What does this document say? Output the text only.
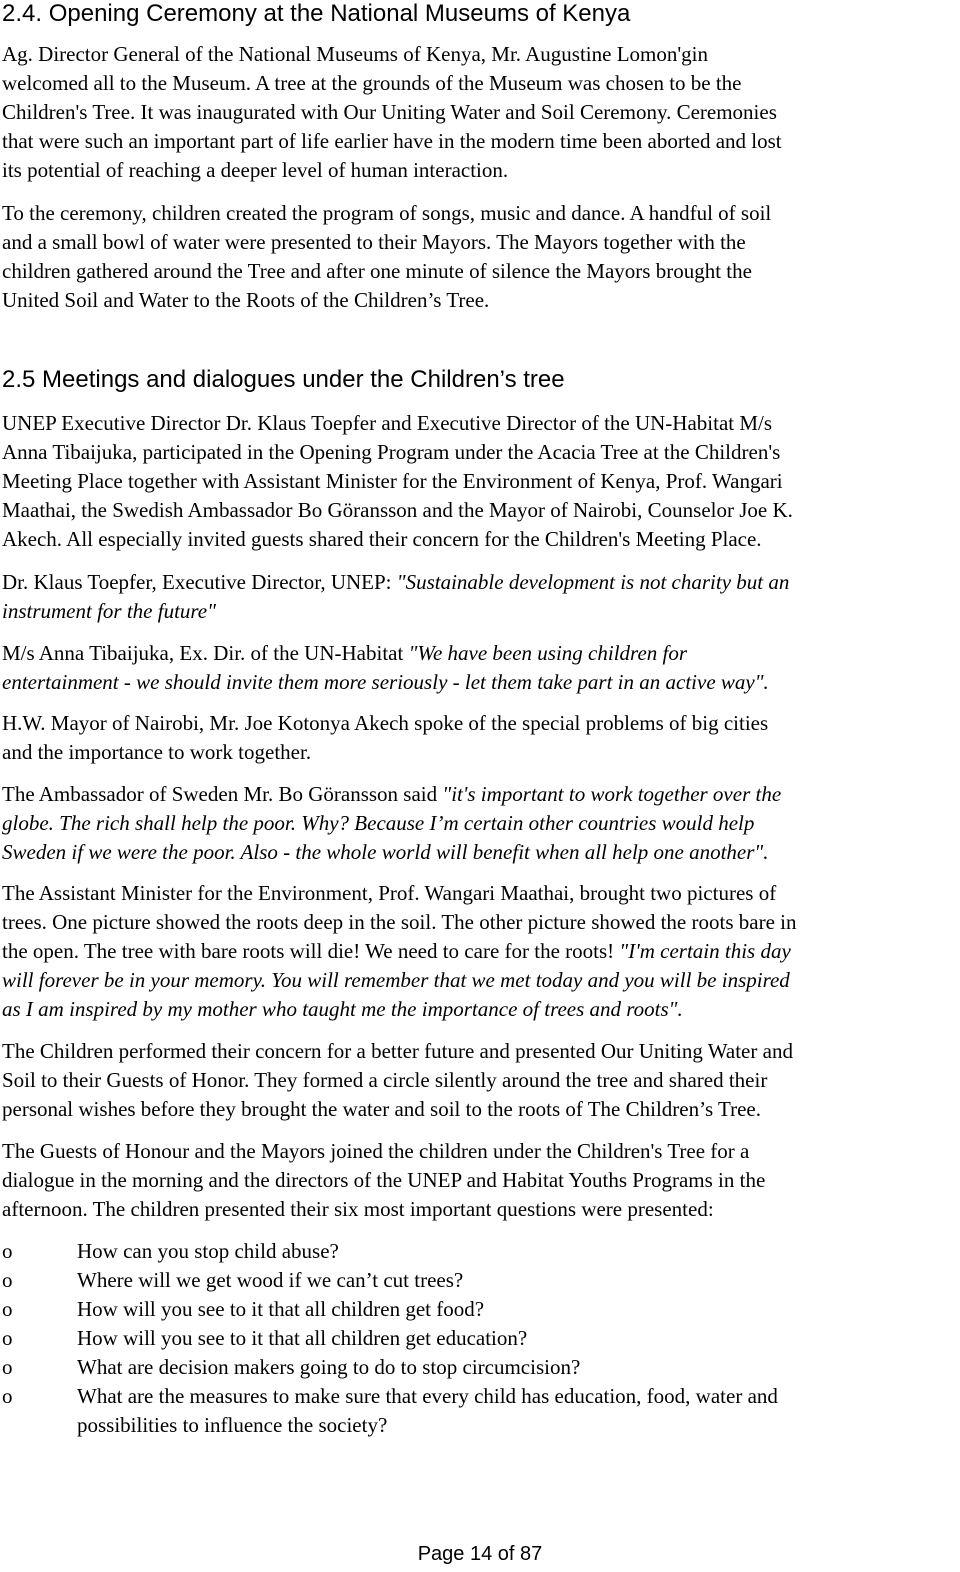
2.4. Opening Ceremony at the National Museums of Kenya

Ag. Director General of the National Museums of Kenya, Mr. Augustine Lomon'gin
welcomed all to the Museum. A tree at the grounds of the Museum was chosen to be the
Children's Tree. It was inaugurated with Our Uniting Water and Soil Ceremony. Ceremonies
that were such an important part of life earlier have in the modern time been aborted and lost
its potential of reaching a deeper level of human interaction.

To the ceremony, children created the program of songs, music and dance. A handful of soil
and a small bowl of water were presented to their Mayors. The Mayors together with the
children gathered around the Tree and after one minute of silence the Mayors brought the
United Soil and Water to the Roots of the Children’s Tree.

2.5 Meetings and dialogues under the Children’s tree

UNEP Executive Director Dr. Klaus Toepfer and Executive Director of the UN-Habitat M/s
Anna Tibaijuka, participated in the Opening Program under the Acacia Tree at the Children's
Meeting Place together with Assistant Minister for the Environment of Kenya, Prof. Wangari
Maathai, the Swedish Ambassador Bo Göransson and the Mayor of Nairobi, Counselor Joe K.
Akech. All especially invited guests shared their concern for the Children's Meeting Place.

Dr. Klaus Toepfer, Executive Director, UNEP: "Sustainable development is not charity but an
instrument for the future"

M/s Anna Tibaijuka, Ex. Dir. of the UN-Habitat "We have been using children for
entertainment - we should invite them more seriously - let them take part in an active way".

H.W. Mayor of Nairobi, Mr. Joe Kotonya Akech spoke of the special problems of big cities
and the importance to work together.

The Ambassador of Sweden Mr. Bo Göransson said "it's important to work together over the
globe. The rich shall help the poor. Why? Because I’m certain other countries would help
Sweden if we were the poor. Also - the whole world will benefit when all help one another".

The Assistant Minister for the Environment, Prof. Wangari Maathai, brought two pictures of
trees. One picture showed the roots deep in the soil. The other picture showed the roots bare in
the open. The tree with bare roots will die! We need to care for the roots! "I'm certain this day
will forever be in your memory. You will remember that we met today and you will be inspired
as I am inspired by my mother who taught me the importance of trees and roots".

The Children performed their concern for a better future and presented Our Uniting Water and
Soil to their Guests of Honor. They formed a circle silently around the tree and shared their
personal wishes before they brought the water and soil to the roots of The Children’s Tree.

The Guests of Honour and the Mayors joined the children under the Children's Tree for a
dialogue in the morning and the directors of the UNEP and Habitat Youths Programs in the
afternoon. The children presented their six most important questions were presented:

o	How can you stop child abuse?
o	Where will we get wood if we can’t cut trees?
o	How will you see to it that all children get food?
o	How will you see to it that all children get education?
o	What are decision makers going to do to stop circumcision?
o	What are the measures to make sure that every child has education, food, water and
possibilities to influence the society?
Page 14 of 87
